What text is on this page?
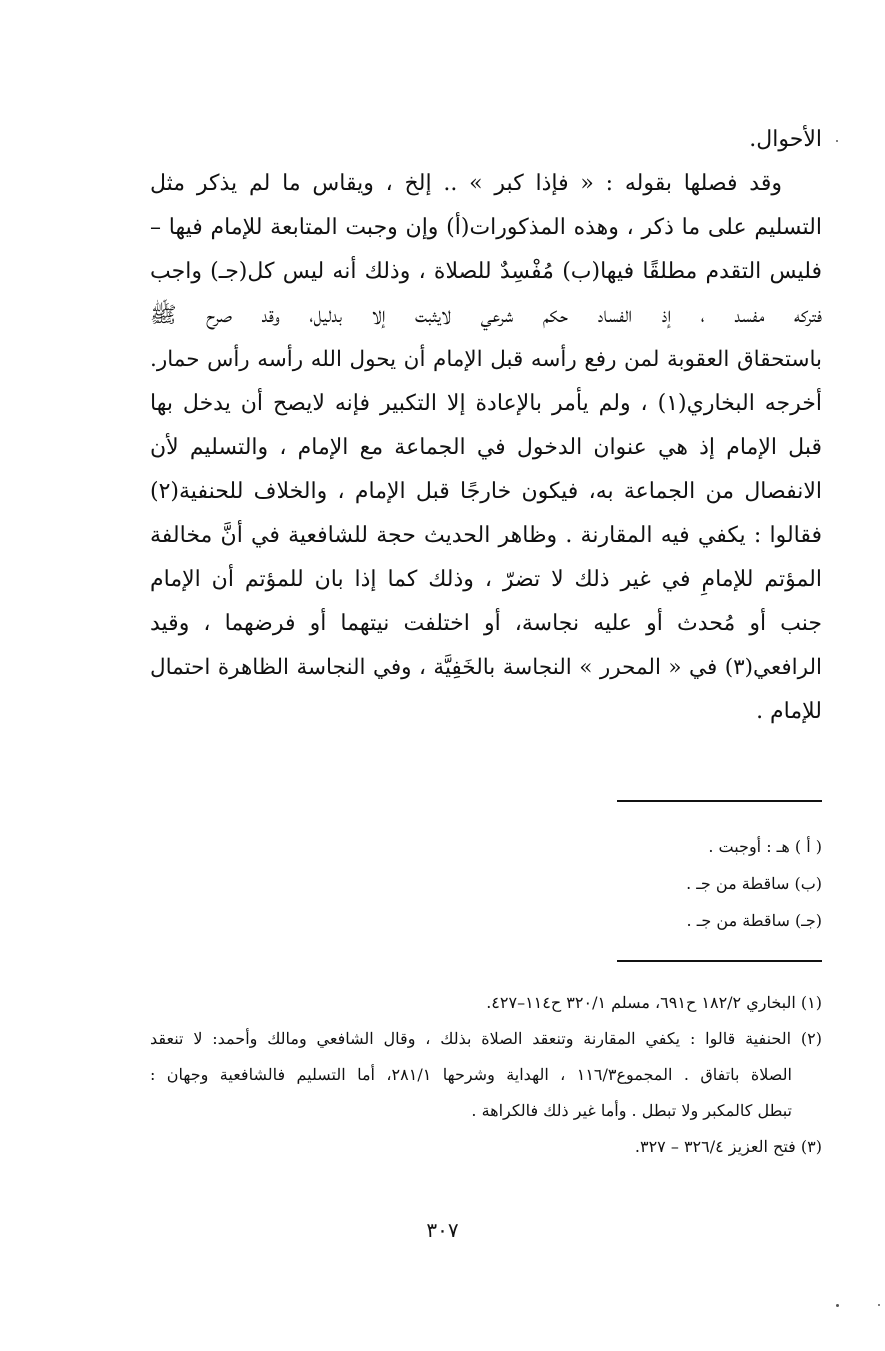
الأحوال.
وقد فصلها بقوله : « فإذا كبر » .. إلخ ، ويقاس ما لم يذكر مثل
التسليم على ما ذكر ، وهذه المذكورات(أ) وإن وجبت المتابعة للإمام فيها –
فليس التقدم مطلقًا فيها(ب) مُفْسِدٌ للصلاة ، وذلك أنه ليس كل(جـ) واجب
فتركه مفسد ، إذ الفساد حكم شرعي لايثبت إلا بدليل، وقد صرح ﷺ
باستحقاق العقوبة لمن رفع رأسه قبل الإمام أن يحول الله رأسه رأس حمار.
أخرجه البخاري(١) ، ولم يأمر بالإعادة إلا التكبير فإنه لايصح أن يدخل بها
قبل الإمام إذ هي عنوان الدخول في الجماعة مع الإمام ، والتسليم لأن
الانفصال من الجماعة به، فيكون خارجًا قبل الإمام ، والخلاف للحنفية(٢)
فقالوا : يكفي فيه المقارنة . وظاهر الحديث حجة للشافعية في أنَّ مخالفة
المؤتم للإمامِ في غير ذلك لا تضرّ ، وذلك كما إذا بان للمؤتم أن الإمام
جنب أو مُحدث أو عليه نجاسة، أو اختلفت نيتهما أو فرضهما ، وقيد
الرافعي(٣) في « المحرر » النجاسة بالخَفِيَّة ، وفي النجاسة الظاهرة احتمال
للإمام .
( أ ) هـ : أوجبت .
(ب) ساقطة من جـ .
(جـ) ساقطة من جـ .
(١) البخاري ١٨٢/٢ ح٦٩١، مسلم ٣٢٠/١ ح١١٤–٤٢٧.
(٢) الحنفية قالوا : يكفي المقارنة وتنعقد الصلاة بذلك ، وقال الشافعي ومالك وأحمد: لا تنعقد
الصلاة باتفاق . المجموع١١٦/٣ ، الهداية وشرحها ٢٨١/١، أما التسليم فالشافعية وجهان :
تبطل كالمكبر ولا تبطل . وأما غير ذلك فالكراهة .
(٣) فتح العزيز ٣٢٦/٤ – ٣٢٧.
٣٠٧
